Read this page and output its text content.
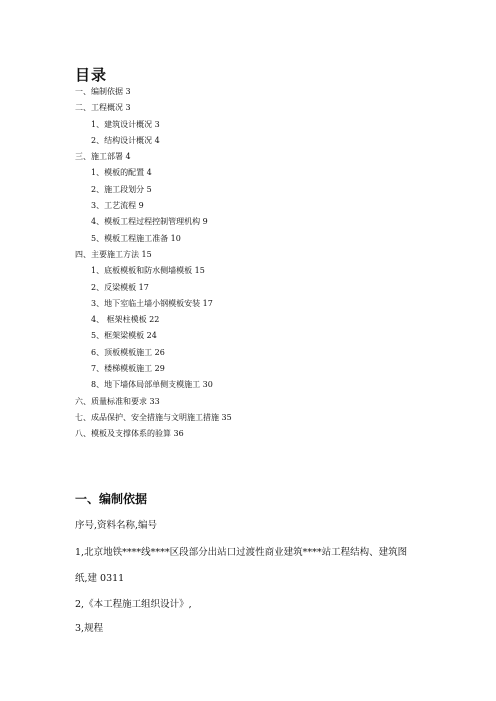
目录
一、编制依据 3
二、工程概况 3
1、建筑设计概况 3
2、结构设计概况 4
三、施工部署 4
1、模板的配置 4
2、施工段划分 5
3、工艺流程 9
4、模板工程过程控制管理机构 9
5、模板工程施工准备 10
四、主要施工方法 15
1、底板模板和防水侧墙模板 15
2、反梁模板 17
3、地下室临土墙小钢模板安装 17
4、 框架柱模板 22
5、框架梁模板 24
6、顶板模板施工 26
7、楼梯模板施工 29
8、地下墙体局部单侧支模施工 30
六、质量标准和要求 33
七、成品保护、安全措施与文明施工措施 35
八、模板及支撑体系的验算 36
一、编制依据
序号,资料名称,编号
1,北京地铁****线****区段部分出站口过渡性商业建筑****站工程结构、建筑图
纸,建 0311
2,《本工程施工组织设计》,
3,规程
